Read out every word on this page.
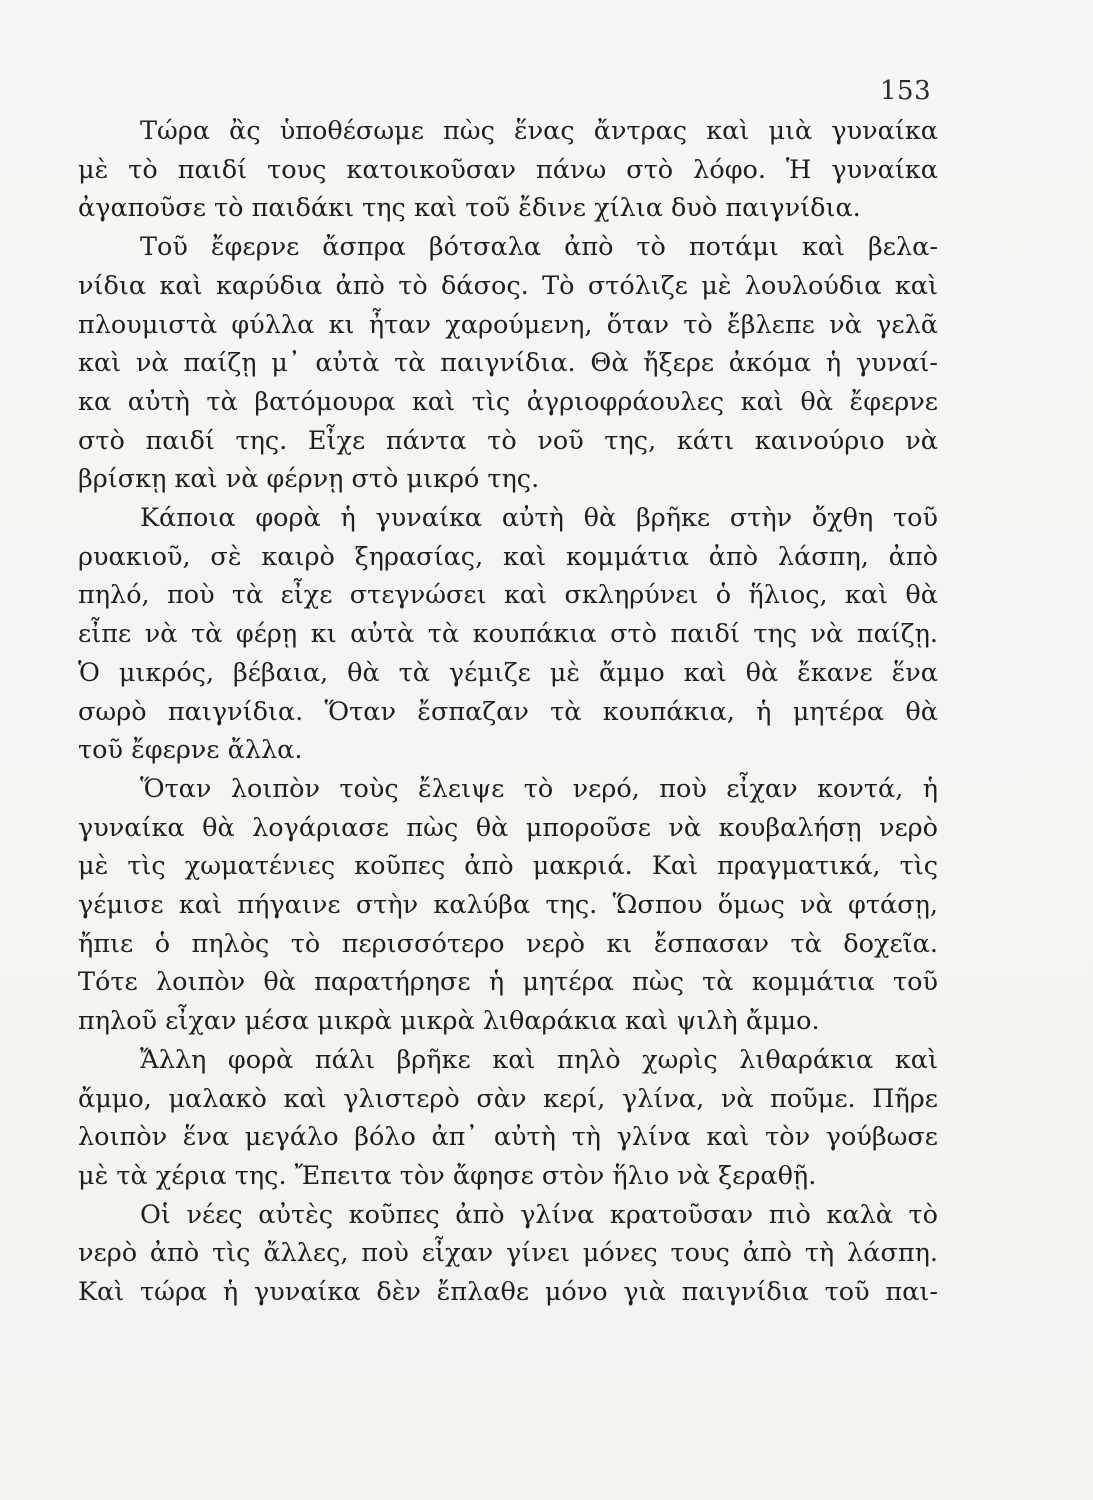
153
Τώρα ἂς ὑποθέσωμε πὼς ἕνας ἄντρας καὶ μιὰ γυναίκα
μὲ τὸ παιδί τους κατοικοῦσαν πάνω στὸ λόφο. Ἡ γυναίκα
ἀγαποῦσε τὸ παιδάκι της καὶ τοῦ ἔδινε χίλια δυὸ παιγνίδια.
Τοῦ ἔφερνε ἄσπρα βότσαλα ἀπὸ τὸ ποτάμι καὶ βελα-
νίδια καὶ καρύδια ἀπὸ τὸ δάσος. Τὸ στόλιζε μὲ λουλούδια καὶ
πλουμιστὰ φύλλα κι ἦταν χαρούμενη, ὅταν τὸ ἔβλεπε νὰ γελᾶ
καὶ νὰ παίζῃ μ᾿ αὐτὰ τὰ παιγνίδια. Θὰ ἤξερε ἀκόμα ἡ γυναί-
κα αὐτὴ τὰ βατόμουρα καὶ τὶς ἀγριοφράουλες καὶ θὰ ἔφερνε
στὸ παιδί της. Εἶχε πάντα τὸ νοῦ της, κάτι καινούριο νὰ
βρίσκῃ καὶ νὰ φέρνῃ στὸ μικρό της.
Κάποια φορὰ ἡ γυναίκα αὐτὴ θὰ βρῆκε στὴν ὄχθη τοῦ
ρυακιοῦ, σὲ καιρὸ ξηρασίας, καὶ κομμάτια ἀπὸ λάσπη, ἀπὸ
πηλό, ποὺ τὰ εἶχε στεγνώσει καὶ σκληρύνει ὁ ἥλιος, καὶ θὰ
εἶπε νὰ τὰ φέρῃ κι αὐτὰ τὰ κουπάκια στὸ παιδί της νὰ παίζῃ.
Ὁ μικρός, βέβαια, θὰ τὰ γέμιζε μὲ ἄμμο καὶ θὰ ἔκανε ἕνα
σωρὸ παιγνίδια. Ὅταν ἔσπαζαν τὰ κουπάκια, ἡ μητέρα θὰ
τοῦ ἔφερνε ἄλλα.
Ὅταν λοιπὸν τοὺς ἔλειψε τὸ νερό, ποὺ εἶχαν κοντά, ἡ
γυναίκα θὰ λογάριασε πὼς θὰ μποροῦσε νὰ κουβαλήσῃ νερὸ
μὲ τὶς χωματένιες κοῦπες ἀπὸ μακριά. Καὶ πραγματικά, τὶς
γέμισε καὶ πήγαινε στὴν καλύβα της. Ὥσπου ὅμως νὰ φτάσῃ,
ἤπιε ὁ πηλὸς τὸ περισσότερο νερὸ κι ἔσπασαν τὰ δοχεῖα.
Τότε λοιπὸν θὰ παρατήρησε ἡ μητέρα πὼς τὰ κομμάτια τοῦ
πηλοῦ εἶχαν μέσα μικρὰ μικρὰ λιθαράκια καὶ ψιλὴ ἄμμο.
Ἄλλη φορὰ πάλι βρῆκε καὶ πηλὸ χωρὶς λιθαράκια καὶ
ἄμμο, μαλακὸ καὶ γλιστερὸ σὰν κερί, γλίνα, νὰ ποῦμε. Πῆρε
λοιπὸν ἕνα μεγάλο βόλο ἀπ᾿ αὐτὴ τὴ γλίνα καὶ τὸν γούβωσε
μὲ τὰ χέρια της. Ἔπειτα τὸν ἄφησε στὸν ἥλιο νὰ ξεραθῇ.
Οἱ νέες αὐτὲς κοῦπες ἀπὸ γλίνα κρατοῦσαν πιὸ καλὰ τὸ
νερὸ ἀπὸ τὶς ἄλλες, ποὺ εἶχαν γίνει μόνες τους ἀπὸ τὴ λάσπη.
Καὶ τώρα ἡ γυναίκα δὲν ἔπλαθε μόνο γιὰ παιγνίδια τοῦ παι-
